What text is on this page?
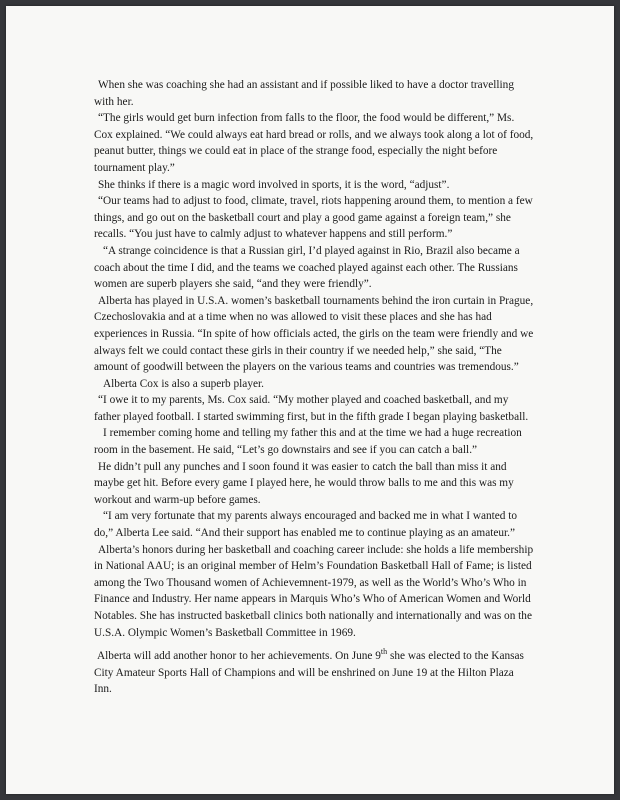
When she was coaching she had an assistant and if possible liked to have a doctor travelling with her.

“The girls would get burn infection from falls to the floor, the food would be different,” Ms. Cox explained. “We could always eat hard bread or rolls, and we always took along a lot of food, peanut butter, things we could eat in place of the strange food, especially the night before tournament play.”

She thinks if there is a magic word involved in sports, it is the word, “adjust”.

“Our teams had to adjust to food, climate, travel, riots happening around them, to mention a few things, and go out on the basketball court and play a good game against a foreign team,” she recalls. “You just have to calmly adjust to whatever happens and still perform.”

“A strange coincidence is that a Russian girl, I’d played against in Rio, Brazil also became a coach about the time I did, and the teams we coached played against each other. The Russians women are superb players she said, “and they were friendly”.

Alberta has played in U.S.A. women’s basketball tournaments behind the iron curtain in Prague, Czechoslovakia and at a time when no was allowed to visit these places and she has had experiences in Russia. “In spite of how officials acted, the girls on the team were friendly and we always felt we could contact these girls in their country if we needed help,” she said, “The amount of goodwill between the players on the various teams and countries was tremendous.”

Alberta Cox is also a superb player.

“I owe it to my parents, Ms. Cox said. “My mother played and coached basketball, and my father played football. I started swimming first, but in the fifth grade I began playing basketball.

I remember coming home and telling my father this and at the time we had a huge recreation room in the basement. He said, “Let’s go downstairs and see if you can catch a ball.”

He didn’t pull any punches and I soon found it was easier to catch the ball than miss it and maybe get hit. Before every game I played here, he would throw balls to me and this was my workout and warm-up before games.

“I am very fortunate that my parents always encouraged and backed me in what I wanted to do,” Alberta Lee said. “And their support has enabled me to continue playing as an amateur.”

Alberta’s honors during her basketball and coaching career include: she holds a life membership in National AAU; is an original member of Helm’s Foundation Basketball Hall of Fame; is listed among the Two Thousand women of Achievemnent-1979, as well as the World’s Who’s Who in Finance and Industry. Her name appears in Marquis Who’s Who of American Women and World Notables. She has instructed basketball clinics both nationally and internationally and was on the U.S.A. Olympic Women’s Basketball Committee in 1969.

Alberta will add another honor to her achievements. On June 9th she was elected to the Kansas City Amateur Sports Hall of Champions and will be enshrined on June 19 at the Hilton Plaza Inn.
